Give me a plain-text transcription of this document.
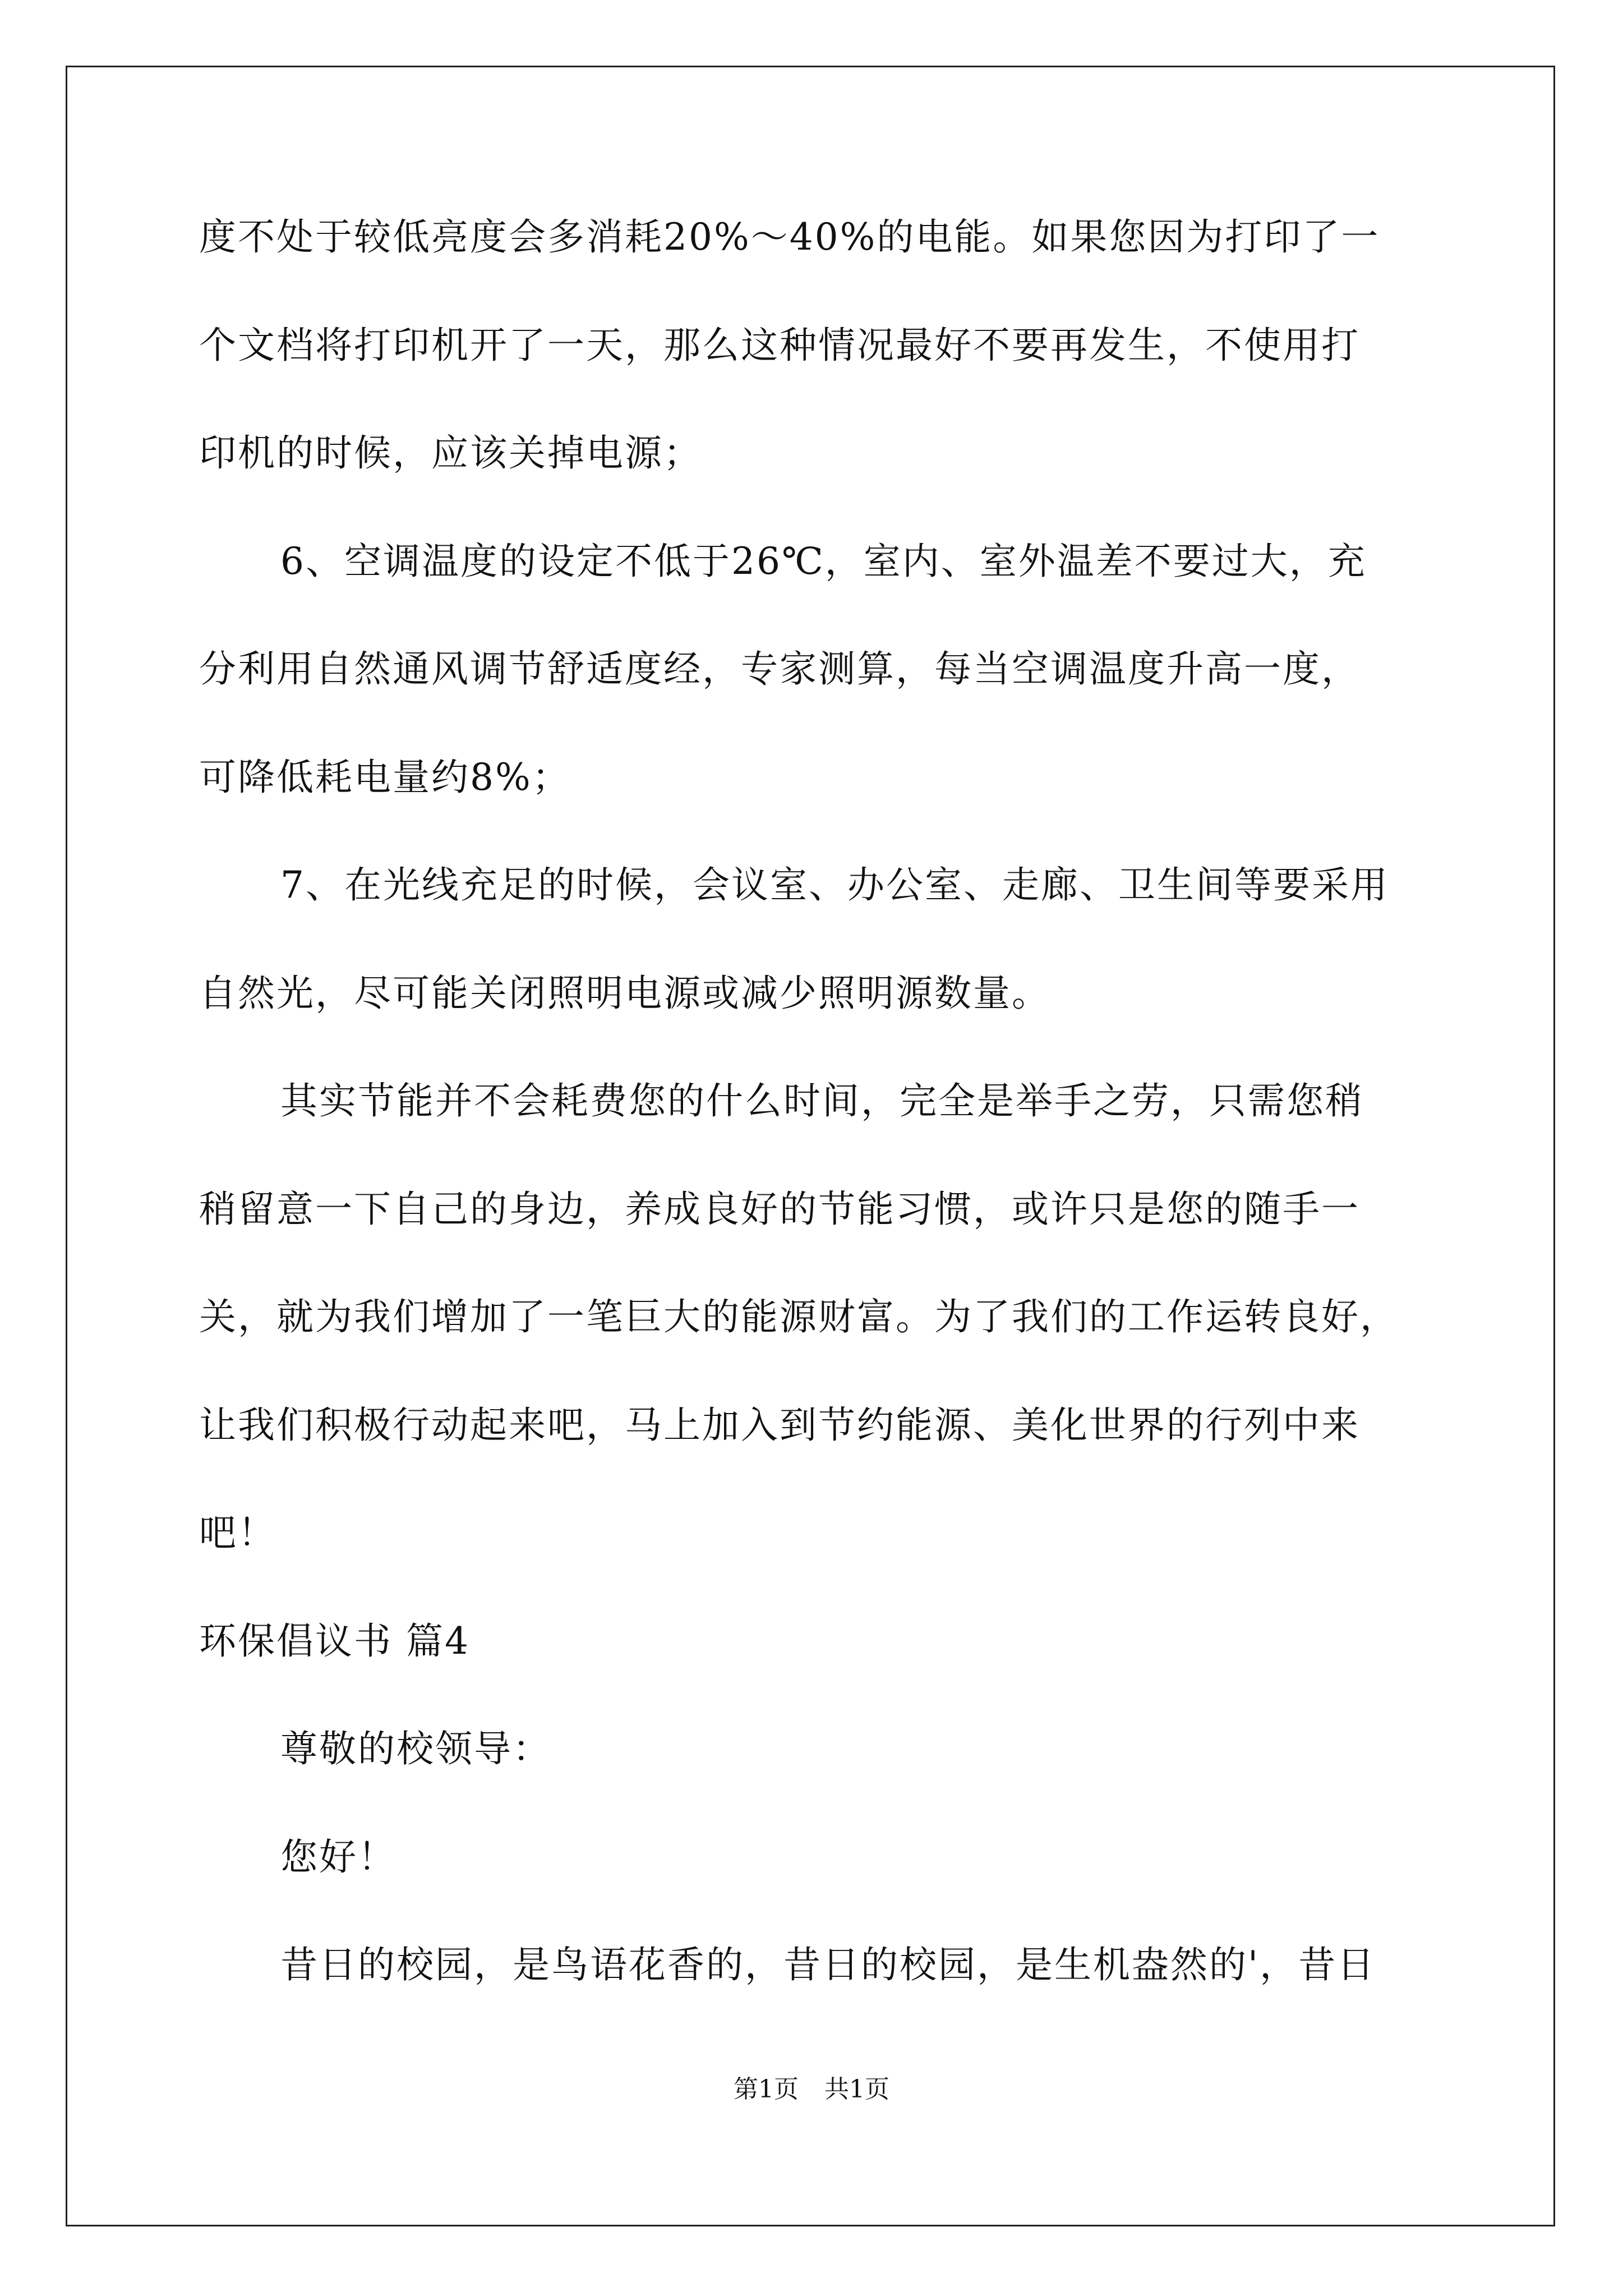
度不处于较低亮度会多消耗20%～40%的电能。如果您因为打印了一
个文档将打印机开了一天，那么这种情况最好不要再发生，不使用打
印机的时候，应该关掉电源；
6、空调温度的设定不低于26℃，室内、室外温差不要过大，充
分利用自然通风调节舒适度经，专家测算，每当空调温度升高一度，
可降低耗电量约8%；
7、在光线充足的时候，会议室、办公室、走廊、卫生间等要采用
自然光，尽可能关闭照明电源或减少照明源数量。
其实节能并不会耗费您的什么时间，完全是举手之劳，只需您稍
稍留意一下自己的身边，养成良好的节能习惯，或许只是您的随手一
关，就为我们增加了一笔巨大的能源财富。为了我们的工作运转良好，
让我们积极行动起来吧，马上加入到节约能源、美化世界的行列中来
吧！
环保倡议书 篇4
尊敬的校领导：
您好！
昔日的校园，是鸟语花香的，昔日的校园，是生机盎然的'，昔日
第1页 共1页
